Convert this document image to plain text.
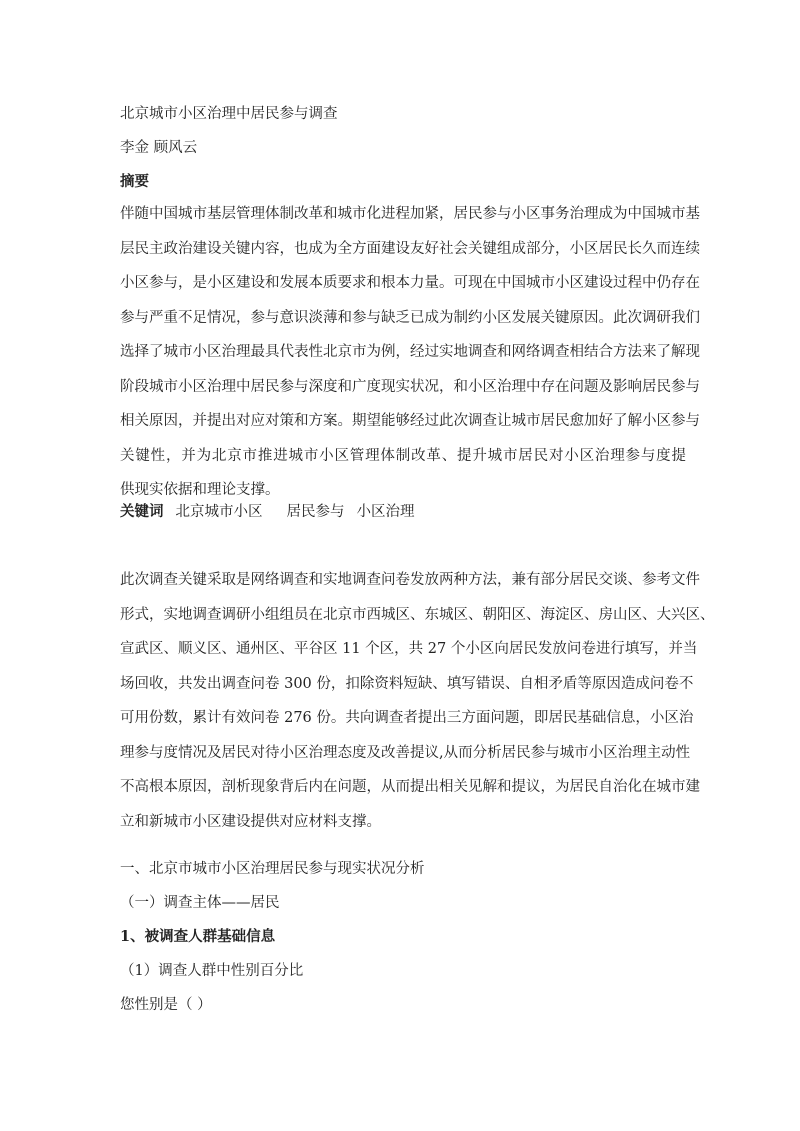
北京城市小区治理中居民参与调查

李金 顾风云

摘要

伴随中国城市基层管理体制改革和城市化进程加紧，居民参与小区事务治理成为中国城市基
层民主政治建设关键内容，也成为全方面建设友好社会关键组成部分，小区居民长久而连续
小区参与，是小区建设和发展本质要求和根本力量。可现在中国城市小区建设过程中仍存在
参与严重不足情况，参与意识淡薄和参与缺乏已成为制约小区发展关键原因。此次调研我们
选择了城市小区治理最具代表性北京市为例，经过实地调查和网络调查相结合方法来了解现
阶段城市小区治理中居民参与深度和广度现实状况，和小区治理中存在问题及影响居民参与
相关原因，并提出对应对策和方案。期望能够经过此次调查让城市居民愈加好了解小区参与
关键性，并为北京市推进城市小区管理体制改革、提升城市居民对小区治理参与度提
供现实依据和理论支撑。

关键词 北京城市小区 居民参与 小区治理

此次调查关键采取是网络调查和实地调查问卷发放两种方法，兼有部分居民交谈、参考文件
形式，实地调查调研小组组员在北京市西城区、东城区、朝阳区、海淀区、房山区、大兴区、
宣武区、顺义区、通州区、平谷区 11 个区，共 27 个小区向居民发放问卷进行填写，并当
场回收，共发出调查问卷 300 份，扣除资料短缺、填写错误、自相矛盾等原因造成问卷不
可用份数，累计有效问卷 276 份。共向调查者提出三方面问题，即居民基础信息，小区治
理参与度情况及居民对待小区治理态度及改善提议,从而分析居民参与城市小区治理主动性
不高根本原因，剖析现象背后内在问题，从而提出相关见解和提议，为居民自治化在城市建
立和新城市小区建设提供对应材料支撑。

一、北京市城市小区治理居民参与现实状况分析

（一）调查主体——居民

1、被调查人群基础信息

（1）调查人群中性别百分比

您性别是（ ）
